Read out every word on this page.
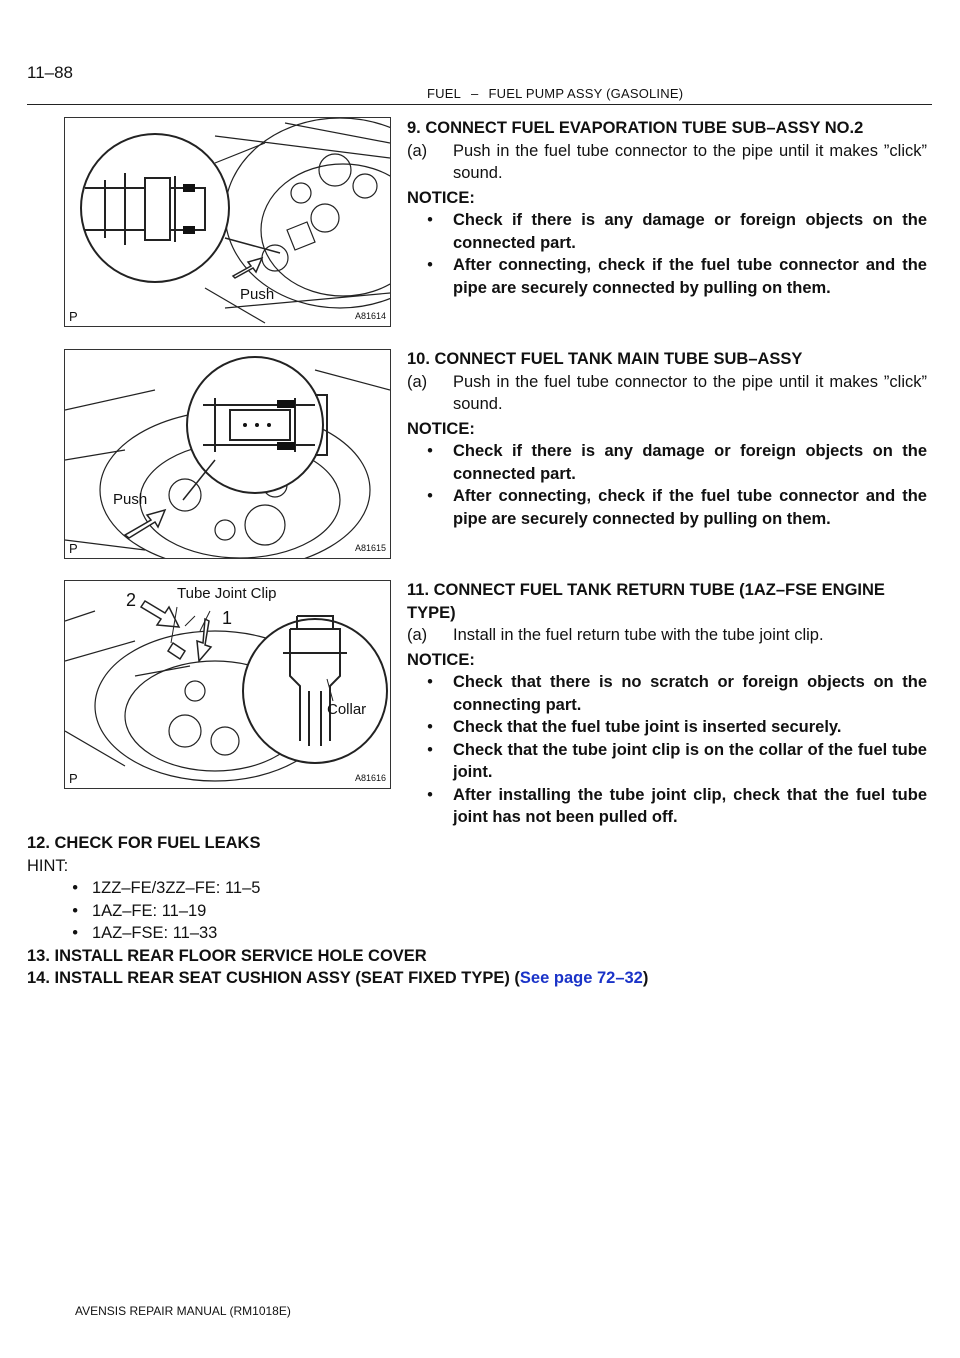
11–88
FUEL – FUEL PUMP ASSY (GASOLINE)
Push
P	A81614
Push
P	A81615
Tube Joint Clip
Collar
2
1
P	A81616
9. CONNECT FUEL EVAPORATION TUBE SUB–ASSY NO.2
(a)	Push in the fuel tube connector to the pipe until it makes ”click” sound.
NOTICE:
•	Check if there is any damage or foreign objects on the connected part.
•	After connecting, check if the fuel tube connector and the pipe are securely connected by pulling on them.
10. CONNECT FUEL TANK MAIN TUBE SUB–ASSY
(a)	Push in the fuel tube connector to the pipe until it makes ”click” sound.
NOTICE:
•	Check if there is any damage or foreign objects on the connected part.
•	After connecting, check if the fuel tube connector and the pipe are securely connected by pulling on them.
11. CONNECT FUEL TANK RETURN TUBE (1AZ–FSE ENGINE TYPE)
(a)	Install in the fuel return tube with the tube joint clip.
NOTICE:
•	Check that there is no scratch or foreign objects on the connecting part.
•	Check that the fuel tube joint is inserted securely.
•	Check that the tube joint clip is on the collar of the fuel tube joint.
•	After installing the tube joint clip, check that the fuel tube joint has not been pulled off.
12. CHECK FOR FUEL LEAKS
HINT:
• 1ZZ–FE/3ZZ–FE: 11–5
• 1AZ–FE: 11–19
• 1AZ–FSE: 11–33
13. INSTALL REAR FLOOR SERVICE HOLE COVER
14. INSTALL REAR SEAT CUSHION ASSY (SEAT FIXED TYPE) (See page 72–32)
AVENSIS REPAIR MANUAL (RM1018E)
